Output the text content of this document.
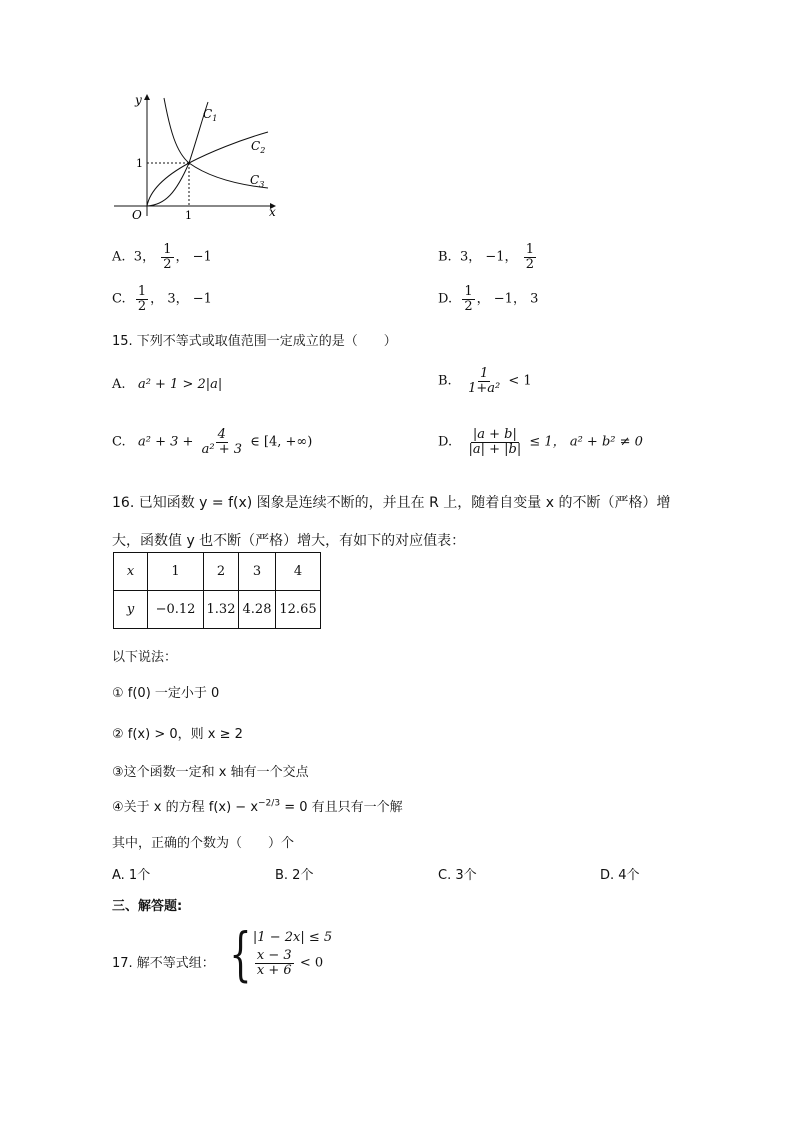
y
x
O	1
1
$C_1$
$C_2$
$C_3$
A. 3， $\frac{1}{2}$ ， −1	B. 3， −1， $\frac{1}{2}$
C. $\frac{1}{2}$ ， 3， −1	D. $\frac{1}{2}$ ， −1， 3
15. 下列不等式或取值范围一定成立的是（　　）
A. a² + 1 > 2|a|	B. $\frac{1}{\text{1+a²}} < 1$
C. $a^2 + 3 + \frac{4}{\text{a² + 3}}$ ∈ [4, +∞)	D. $\frac{|a + b|}{|a| + |b|} \le 1$， a² + b² ≠ 0
16. 已知函数 y = f(x) 图象是连续不断的，并且在 R 上，随着自变量 x 的不断（严格）增
大，函数值 y 也不断（严格）增大，有如下的对应值表：
x	1	2	3	4
y	−0.12	1.32	4.28	12.65
以下说法：
① f(0) 一定小于 0
② f(x) > 0，则 x ≥ 2
③这个函数一定和 x 轴有一个交点
④关于 x 的方程 $f(x) - x^{-2/3} = 0$ 有且只有一个解
其中，正确的个数为（　　）个
A. 1个	B. 2个	C. 3个	D. 4个
三、解答题:
17. 解不等式组： { |1 − 2x| ≤ 5
$\frac{x - 3}{x + 6} < 0$
